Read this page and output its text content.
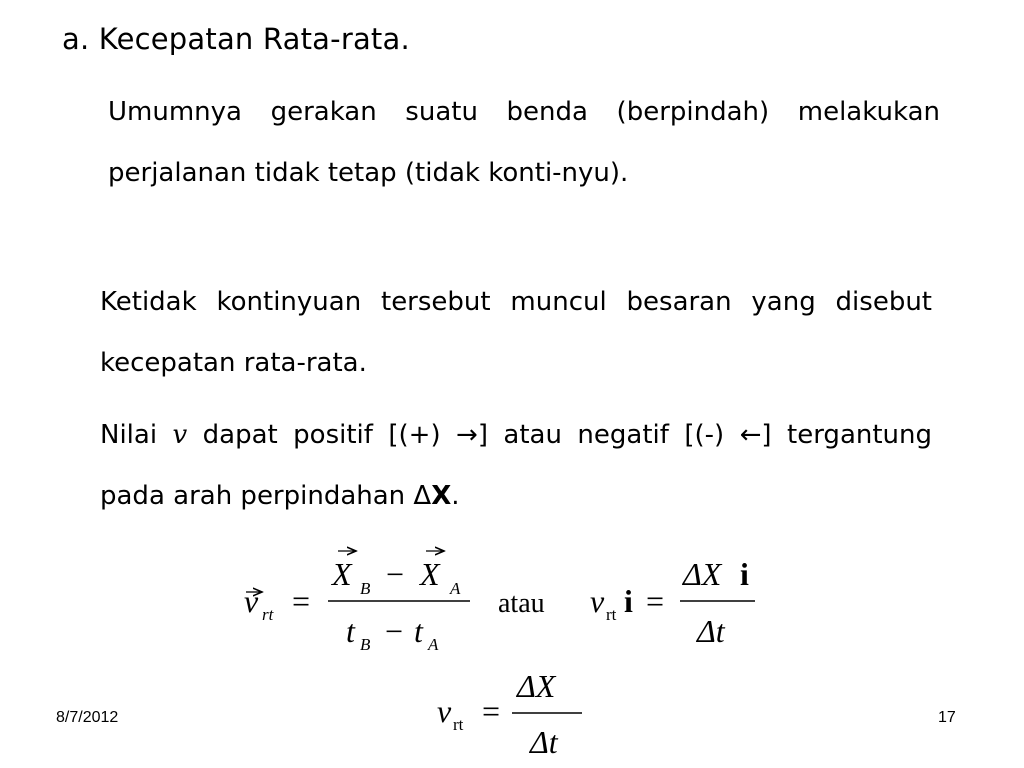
a. Kecepatan Rata-rata.
Umumnya gerakan suatu benda (berpindah) melakukan perjalanan tidak tetap (tidak konti-nyu).
Ketidak kontinyuan tersebut muncul besaran yang disebut kecepatan rata-rata.
Nilai v dapat positif [(+) →] atau negatif [(-) ←] tergantung pada arah perpindahan ΔX.
v rt =
X B − X A
t B − t A
atau v rt i =
ΔX i
Δt
v rt =
ΔX
Δt
8/7/2012	17
